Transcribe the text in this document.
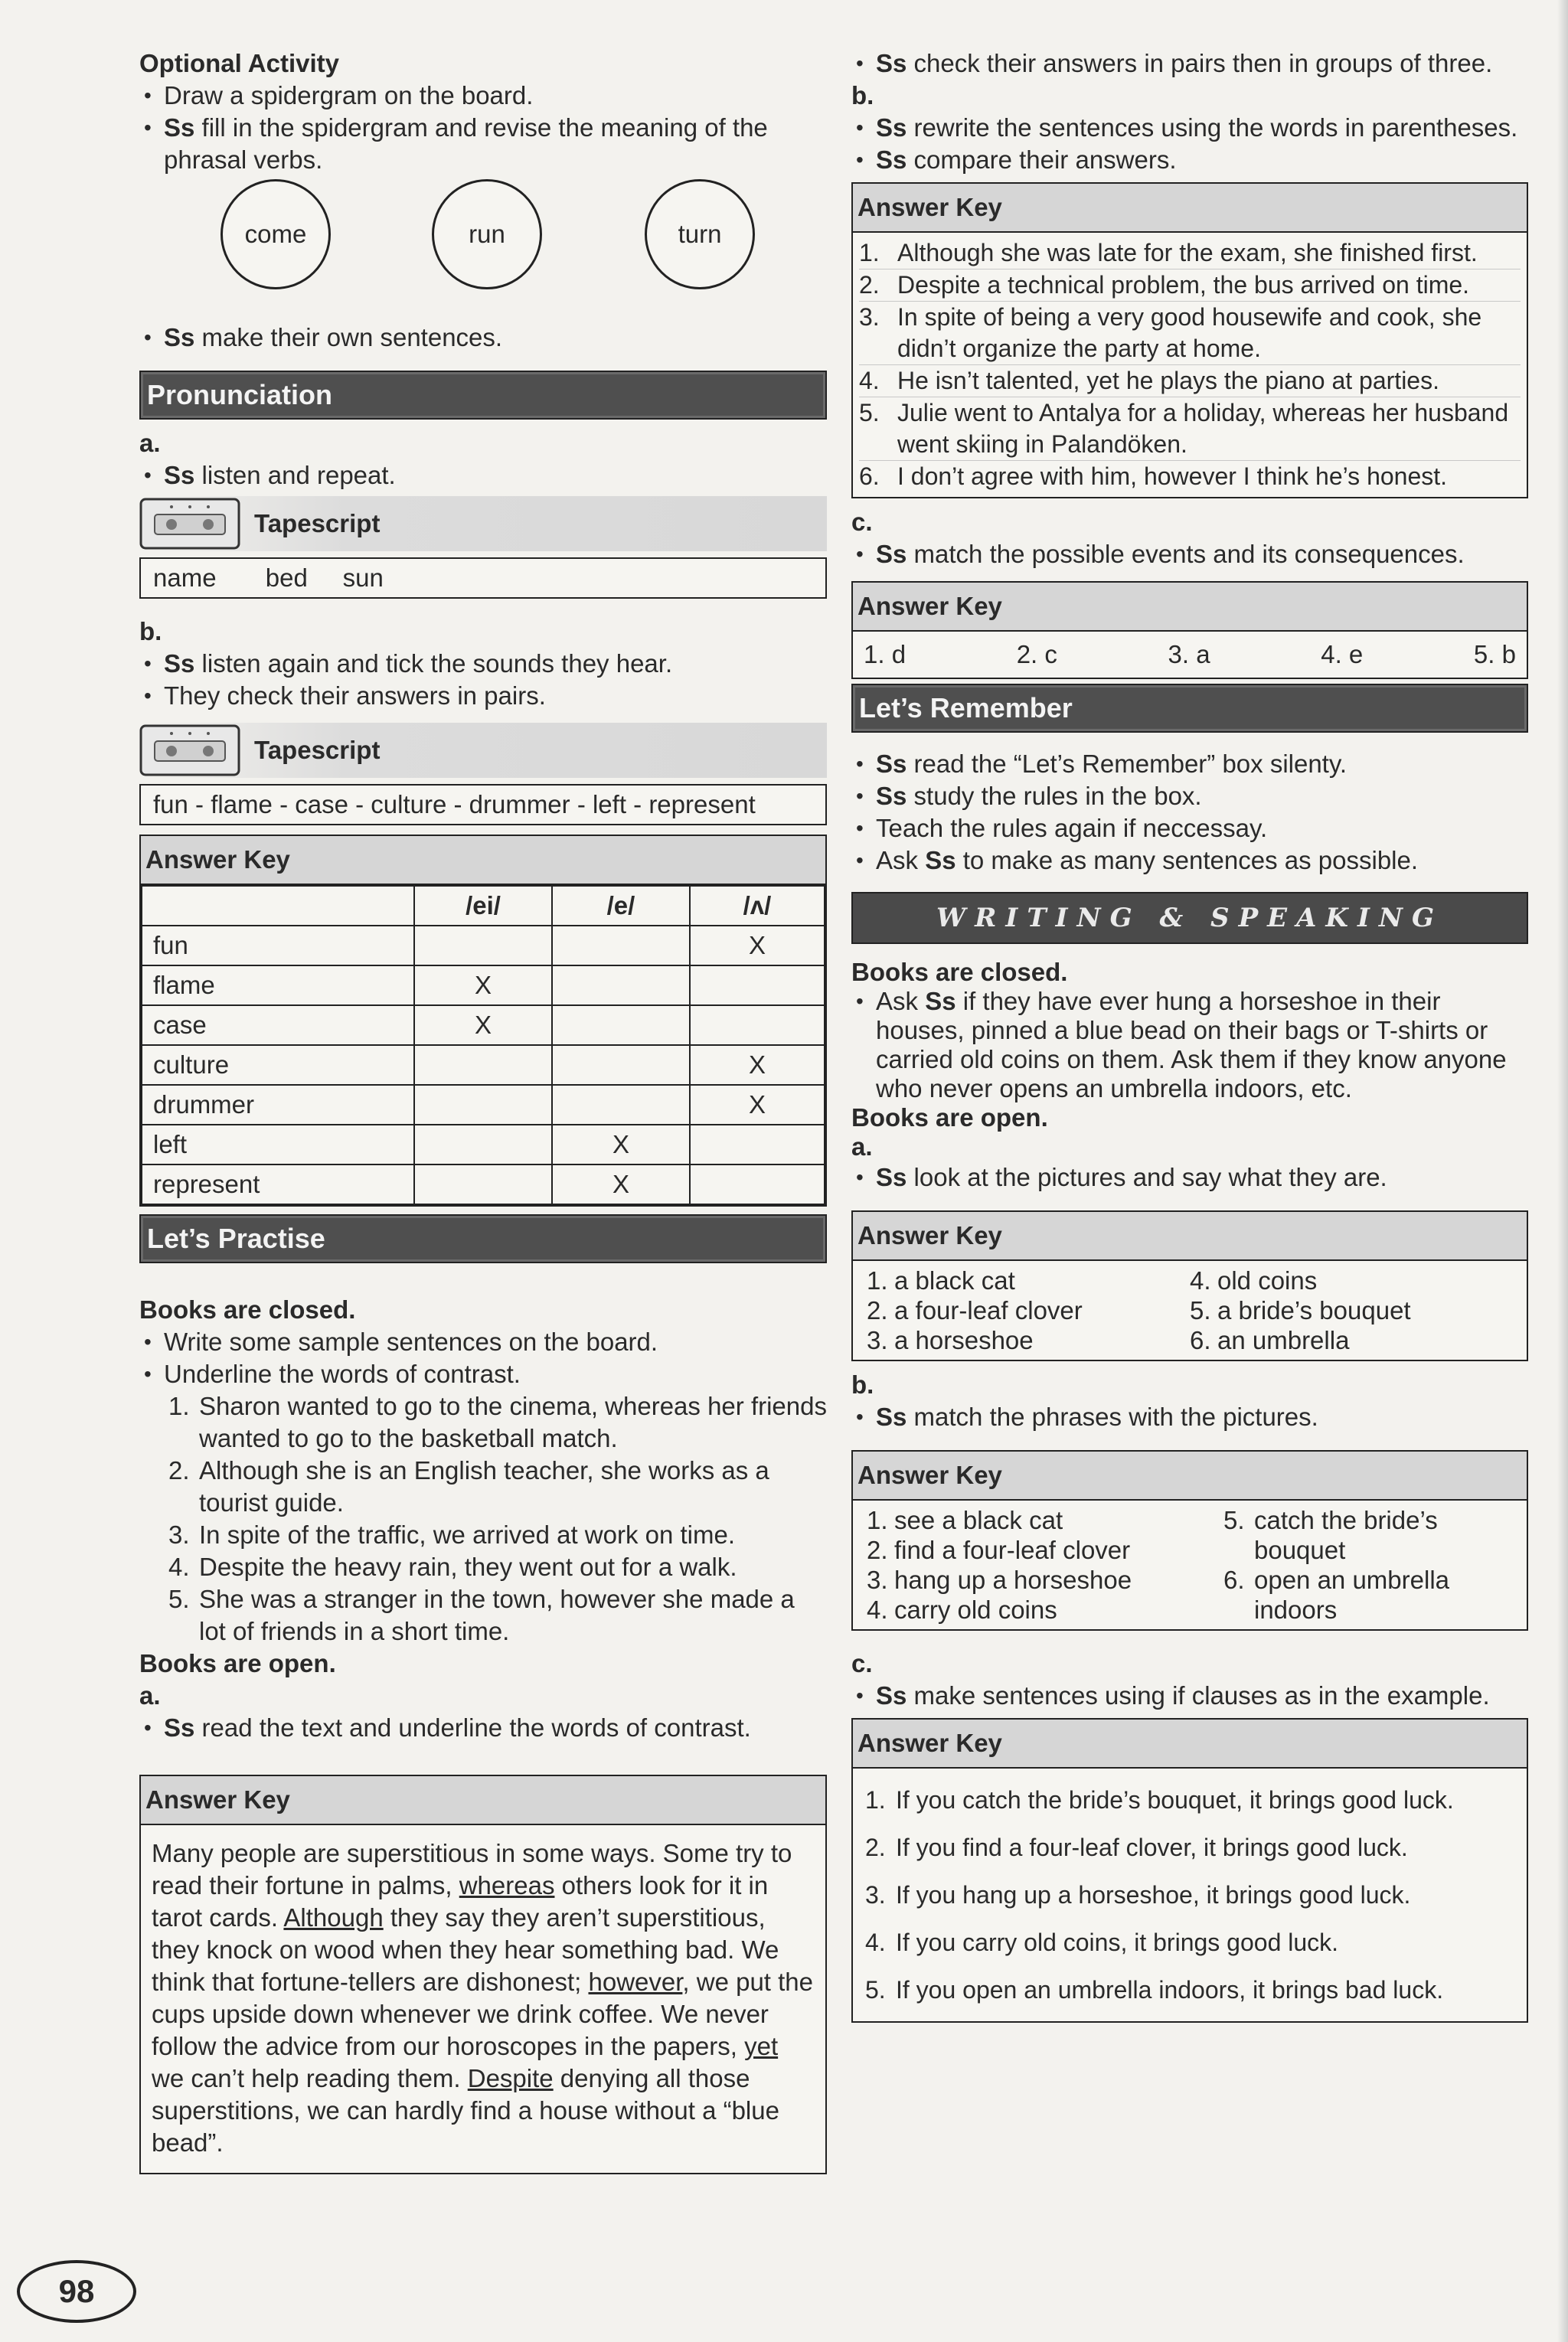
Optional Activity

• Draw a spidergram on the board.
• Ss fill in the spidergram and revise the meaning of the phrasal verbs.
come	run	turn
• Ss make their own sentences.
Pronunciation

a.

• Ss listen and repeat.
Tapescript
name bed sun

b.

• Ss listen again and tick the sounds they hear.
• They check their answers in pairs.
Tapescript
fun - flame - case - culture - drummer - left - represent
Answer Key
	/ei/	/e/	/ʌ/
fun			X
flame	X		
case	X		
culture			X
drummer			X
left		X	
represent		X	
Let’s Practise

Books are closed.

• Write some sample sentences on the board.
• Underline the words of contrast.
1. Sharon wanted to go to the cinema, whereas her friends wanted to go to the basketball match.
2. Although she is an English teacher, she works as a tourist guide.
3. In spite of the traffic, we arrived at work on time.
4. Despite the heavy rain, they went out for a walk.
5. She was a stranger in the town, however she made a lot of friends in a short time.

Books are open.

a.

• Ss read the text and underline the words of contrast.
Answer Key
Many people are superstitious in some ways. Some try to read their fortune in palms, whereas others look for it in tarot cards. Although they say they aren’t superstitious, they knock on wood when they hear something bad. We think that fortune-tellers are dishonest; however, we put the cups upside down whenever we drink coffee. We never follow the advice from our horoscopes in the papers, yet we can’t help reading them. Despite denying all those superstitions, we can hardly find a house without a “blue bead”.
98
• Ss check their answers in pairs then in groups of three.

b.

• Ss rewrite the sentences using the words in parentheses.
• Ss compare their answers.
Answer Key
1. Although she was late for the exam, she finished first.
2. Despite a technical problem, the bus arrived on time.
3. In spite of being a very good housewife and cook, she didn’t organize the party at home.
4. He isn’t talented, yet he plays the piano at parties.
5. Julie went to Antalya for a holiday, whereas her husband went skiing in Palandöken.
6. I don’t agree with him, however I think he’s honest.

c.

• Ss match the possible events and its consequences.
Answer Key
1. d	2. c	3. a	4. e	5. b
Let’s Remember
• Ss read the “Let’s Remember” box silenty.
• Ss study the rules in the box.
• Teach the rules again if neccessay.
• Ask Ss to make as many sentences as possible.
WRITING & SPEAKING

Books are closed.

• Ask Ss if they have ever hung a horseshoe in their houses, pinned a blue bead on their bags or T-shirts or carried old coins on them. Ask them if they know anyone who never opens an umbrella indoors, etc.

Books are open.

a.

• Ss look at the pictures and say what they are.
Answer Key
1. a black cat	4. old coins
2. a four-leaf clover	5. a bride’s bouquet
3. a horseshoe	6. an umbrella

b.

• Ss match the phrases with the pictures.
Answer Key
1. see a black cat
2. find a four-leaf clover
3. hang up a horseshoe
4. carry old coins
5. catch the bride’s bouquet
6. open an umbrella indoors

c.

• Ss make sentences using if clauses as in the example.
Answer Key
1. If you catch the bride’s bouquet, it brings good luck.
2. If you find a four-leaf clover, it brings good luck.
3. If you hang up a horseshoe, it brings good luck.
4. If you carry old coins, it brings good luck.
5. If you open an umbrella indoors, it brings bad luck.
